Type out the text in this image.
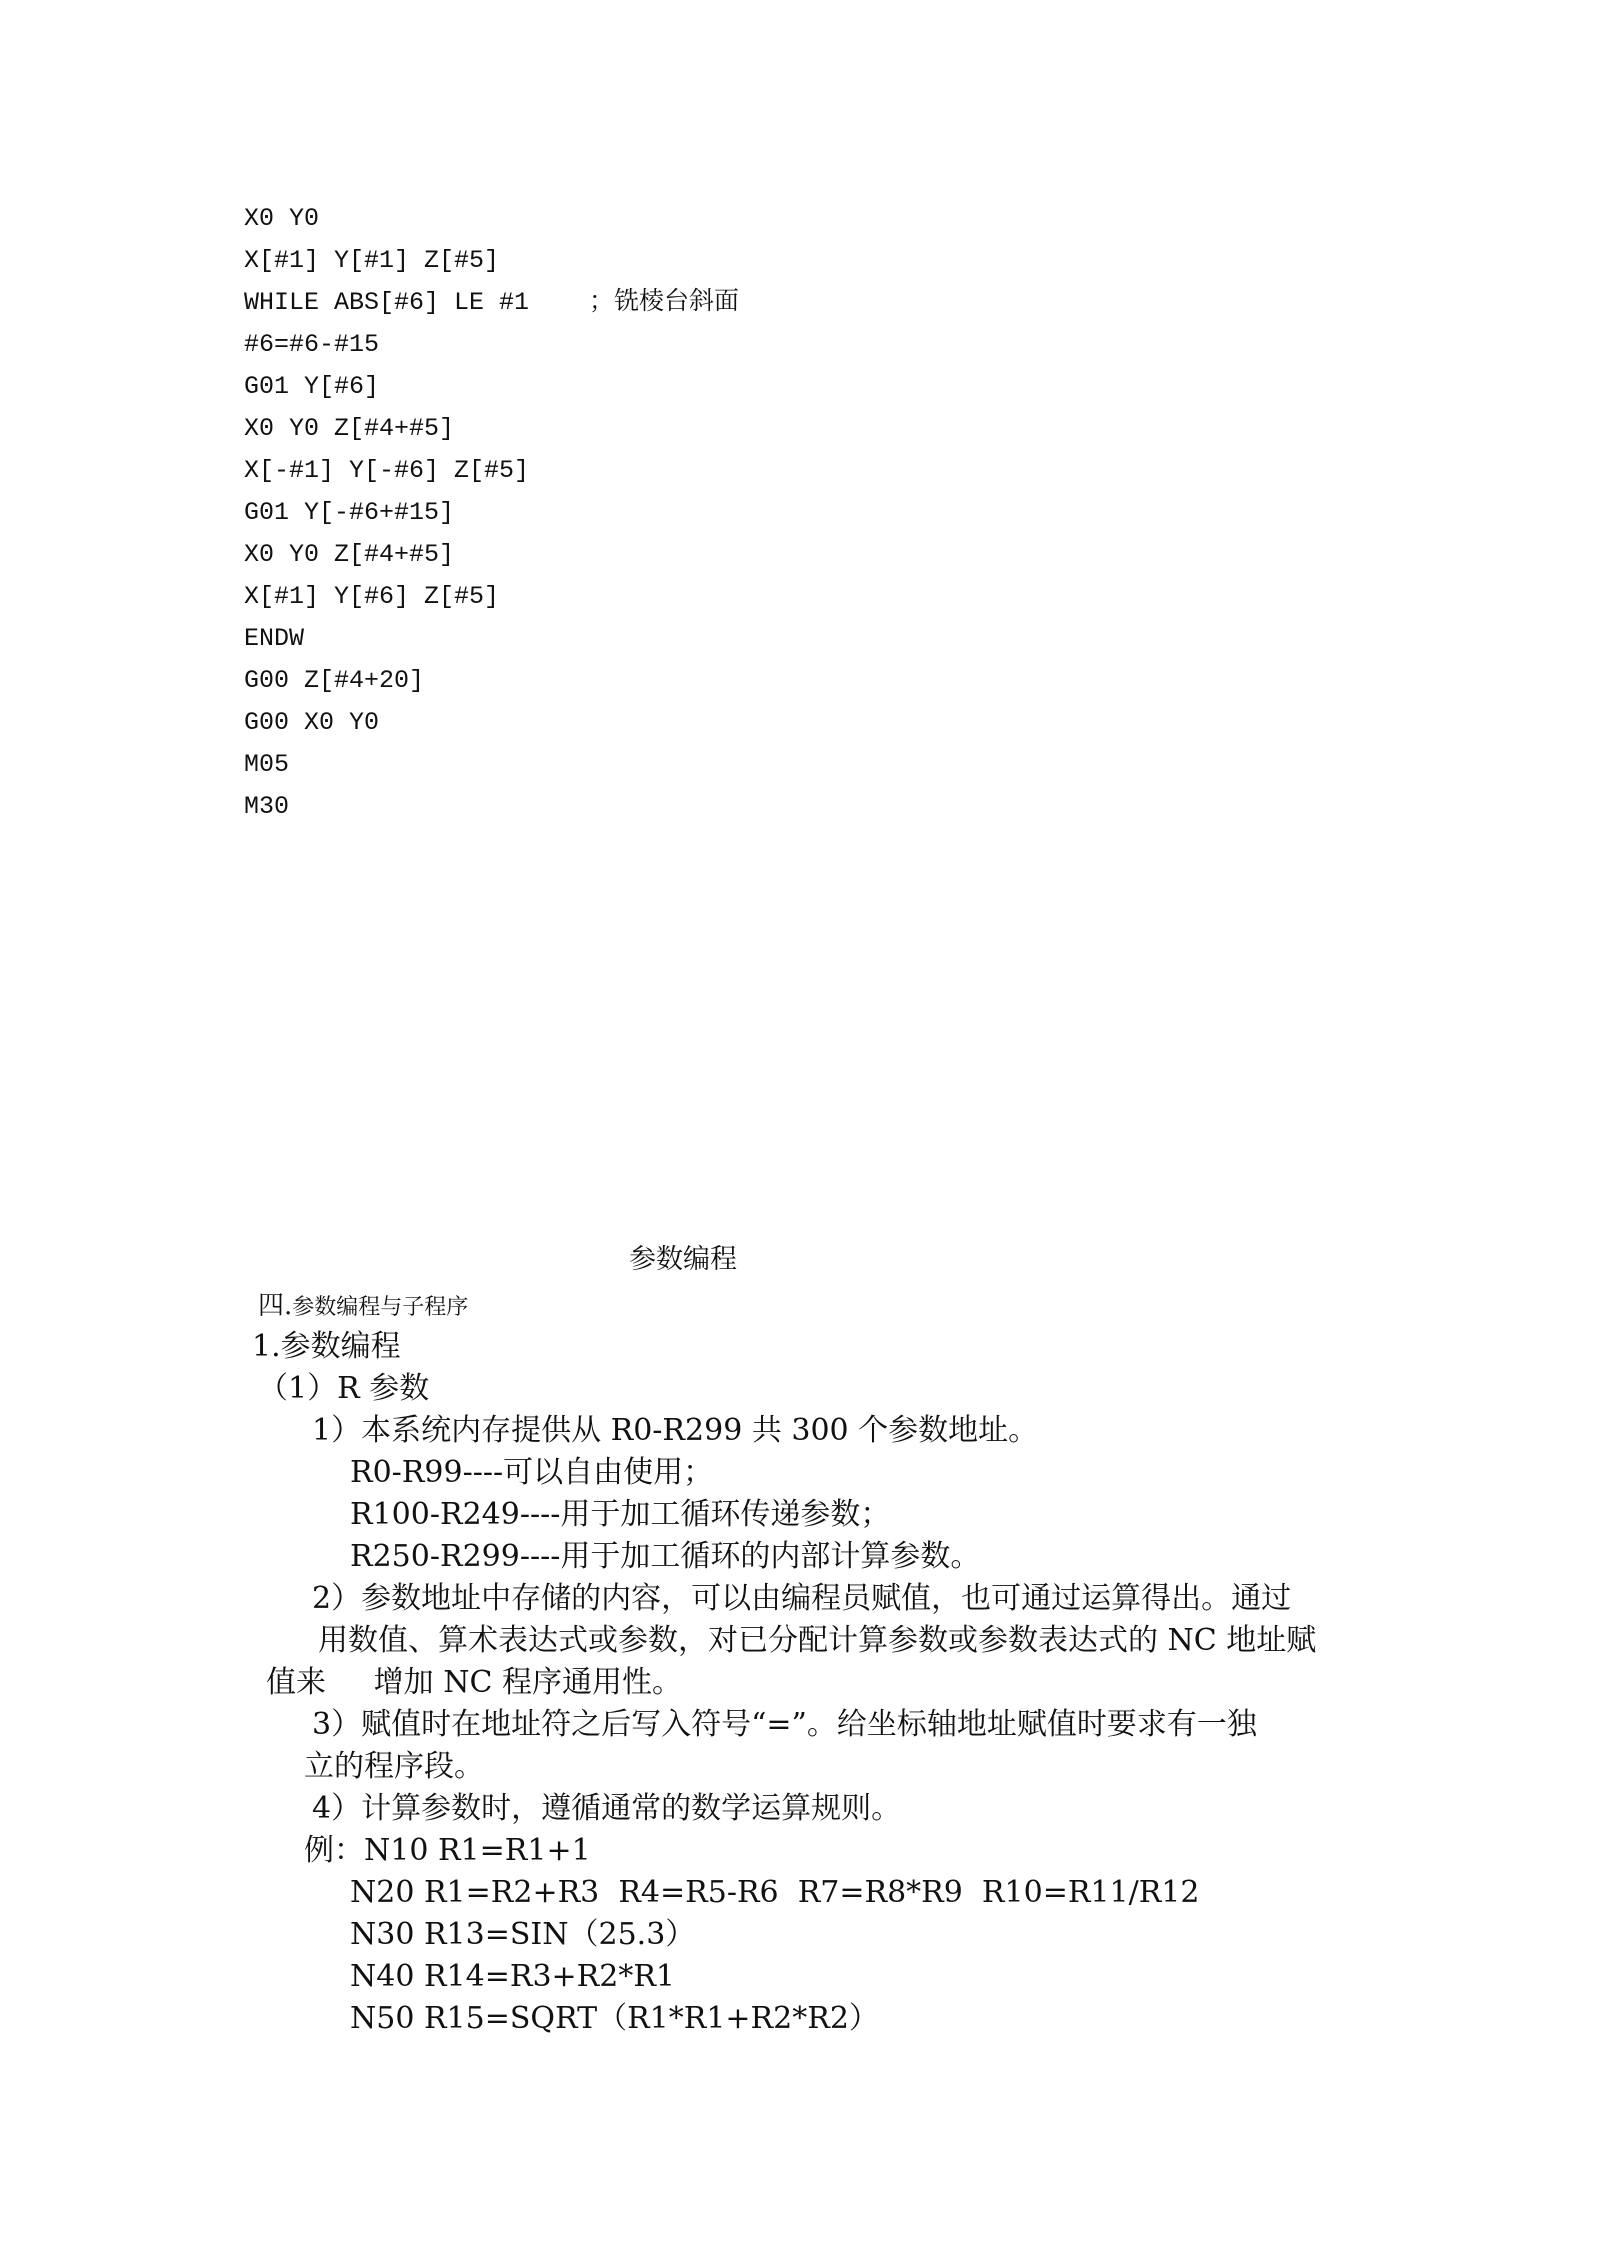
X0 Y0
X[#1] Y[#1] Z[#5]
WHILE ABS[#6] LE #1    ；铣棱台斜面
#6=#6-#15
G01 Y[#6]
X0 Y0 Z[#4+#5]
X[-#1] Y[-#6] Z[#5]
G01 Y[-#6+#15]
X0 Y0 Z[#4+#5]
X[#1] Y[#6] Z[#5]
ENDW
G00 Z[#4+20]
G00 X0 Y0
M05
M30
参数编程
四.参数编程与子程序
1.参数编程
（1）R 参数
1）本系统内存提供从 R0-R299 共 300 个参数地址。
R0-R99----可以自由使用；
R100-R249----用于加工循环传递参数；
R250-R299----用于加工循环的内部计算参数。
2）参数地址中存储的内容，可以由编程员赋值，也可通过运算得出。通过
用数值、算术表达式或参数，对已分配计算参数或参数表达式的 NC 地址赋
值来     增加 NC 程序通用性。
3）赋值时在地址符之后写入符号“=”。给坐标轴地址赋值时要求有一独
立的程序段。
4）计算参数时，遵循通常的数学运算规则。
例：N10 R1=R1+1
N20 R1=R2+R3  R4=R5-R6  R7=R8*R9  R10=R11/R12
N30 R13=SIN（25.3）
N40 R14=R3+R2*R1
N50 R15=SQRT（R1*R1+R2*R2）
